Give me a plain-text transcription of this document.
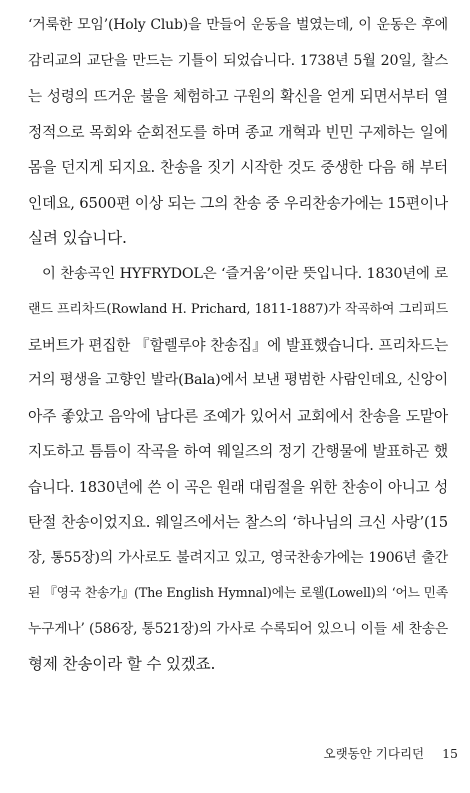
‘거룩한 모임’(Holy Club)을 만들어 운동을 벌였는데, 이 운동은 후에
감리교의 교단을 만드는 기틀이 되었습니다. 1738년 5월 20일, 찰스
는 성령의 뜨거운 불을 체험하고 구원의 확신을 얻게 되면서부터 열
정적으로 목회와 순회전도를 하며 종교 개혁과 빈민 구제하는 일에
몸을 던지게 되지요. 찬송을 짓기 시작한 것도 중생한 다음 해 부터
인데요, 6500편 이상 되는 그의 찬송 중 우리찬송가에는 15편이나
실려 있습니다.
이 찬송곡인 HYFRYDOL은 ‘즐거움’이란 뜻입니다. 1830년에 로
랜드 프리차드(Rowland H. Prichard, 1811-1887)가 작곡하여 그리피드
로버트가 편집한 『할렐루야 찬송집』에 발표했습니다. 프리차드는
거의 평생을 고향인 발라(Bala)에서 보낸 평범한 사람인데요, 신앙이
아주 좋았고 음악에 남다른 조예가 있어서 교회에서 찬송을 도맡아
지도하고 틈틈이 작곡을 하여 웨일즈의 정기 간행물에 발표하곤 했
습니다. 1830년에 쓴 이 곡은 원래 대림절을 위한 찬송이 아니고 성
탄절 찬송이었지요. 웨일즈에서는 찰스의 ‘하나님의 크신 사랑’(15
장, 통55장)의 가사로도 불려지고 있고, 영국찬송가에는 1906년 출간
된 『영국 찬송가』(The English Hymnal)에는 로웰(Lowell)의 ‘어느 민족
누구게나’ (586장, 통521장)의 가사로 수록되어 있으니 이들 세 찬송은
형제 찬송이라 할 수 있겠죠.
오랫동안 기다리던 15
